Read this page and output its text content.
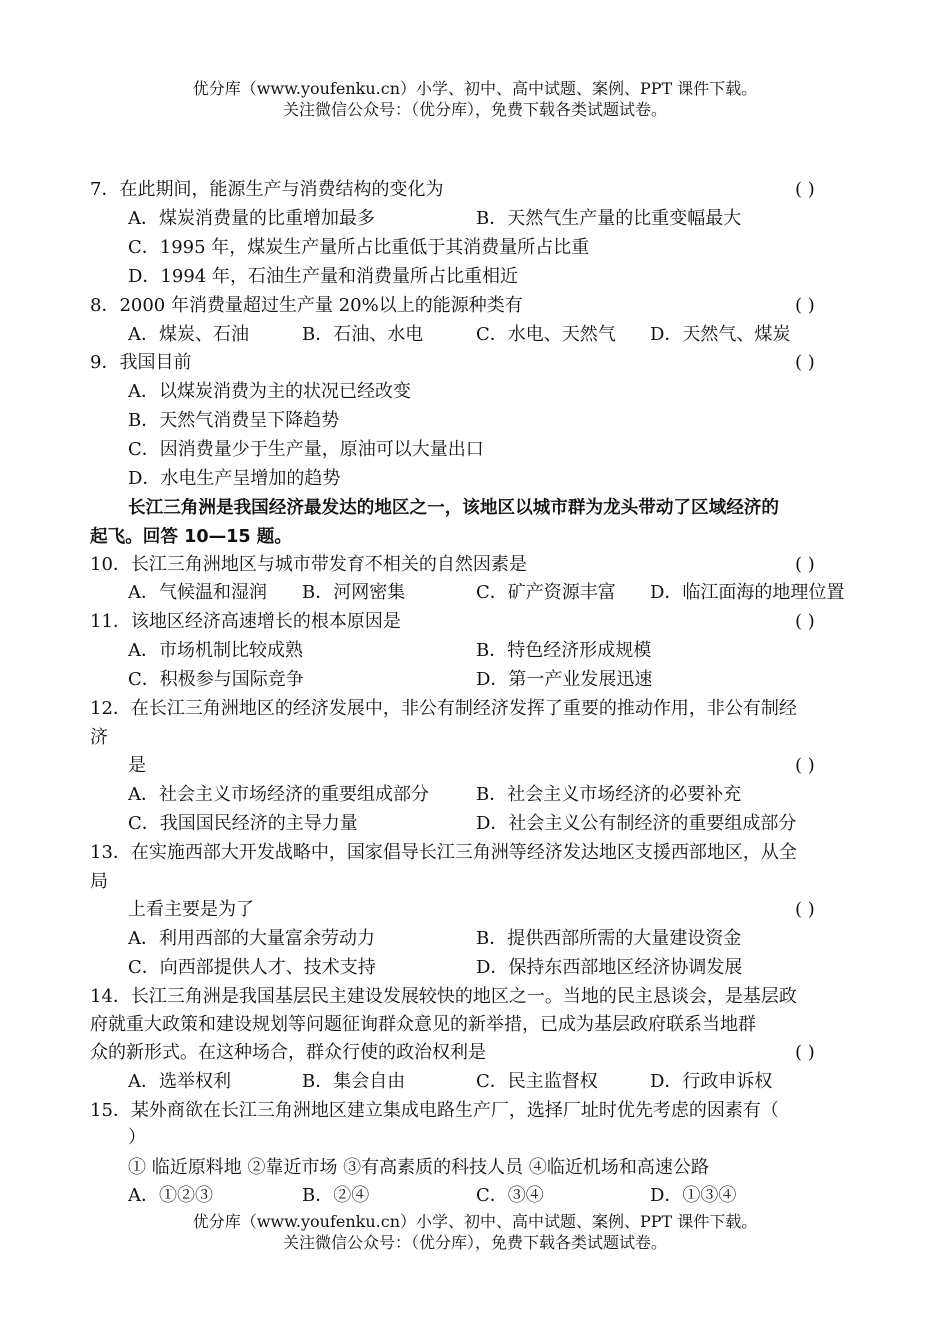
优分库（www.youfenku.cn）小学、初中、高中试题、案例、PPT 课件下载。
关注微信公众号：（优分库），免费下载各类试题试卷。
7．在此期间，能源生产与消费结构的变化为	( )
A．煤炭消费量的比重增加最多	B．天然气生产量的比重变幅最大
C．1995 年，煤炭生产量所占比重低于其消费量所占比重
D．1994 年，石油生产量和消费量所占比重相近
8．2000 年消费量超过生产量 20%以上的能源种类有	( )
A．煤炭、石油	B．石油、水电	C．水电、天然气 D．天然气、煤炭
9．我国目前	( )
A．以煤炭消费为主的状况已经改变
B．天然气消费呈下降趋势
C．因消费量少于生产量，原油可以大量出口
D．水电生产呈增加的趋势
长江三角洲是我国经济最发达的地区之一，该地区以城市群为龙头带动了区域经济的
起飞。回答 10—15 题。
10．长江三角洲地区与城市带发育不相关的自然因素是	( )
A．气候温和湿润 B．河网密集	C．矿产资源丰富 D．临江面海的地理位置
11．该地区经济高速增长的根本原因是	( )
A．市场机制比较成熟	B．特色经济形成规模
C．积极参与国际竞争	D．第一产业发展迅速
12．在长江三角洲地区的经济发展中，非公有制经济发挥了重要的推动作用，非公有制经
济
是	( )
A．社会主义市场经济的重要组成部分	B．社会主义市场经济的必要补充
C．我国国民经济的主导力量	D．社会主义公有制经济的重要组成部分
13．在实施西部大开发战略中，国家倡导长江三角洲等经济发达地区支援西部地区，从全
局
上看主要是为了	( )
A．利用西部的大量富余劳动力	B．提供西部所需的大量建设资金
C．向西部提供人才、技术支持	D．保持东西部地区经济协调发展
14．长江三角洲是我国基层民主建设发展较快的地区之一。当地的民主恳谈会，是基层政
府就重大政策和建设规划等问题征询群众意见的新举措，已成为基层政府联系当地群
众的新形式。在这种场合，群众行使的政治权利是	( )
A．选举权利	B．集会自由	C．民主监督权	D．行政申诉权
15．某外商欲在长江三角洲地区建立集成电路生产厂，选择厂址时优先考虑的因素有（
）
① 临近原料地 ②靠近市场 ③有高素质的科技人员 ④临近机场和高速公路
A．①②③	B．②④	C．③④	D．①③④
优分库（www.youfenku.cn）小学、初中、高中试题、案例、PPT 课件下载。
关注微信公众号：（优分库），免费下载各类试题试卷。
